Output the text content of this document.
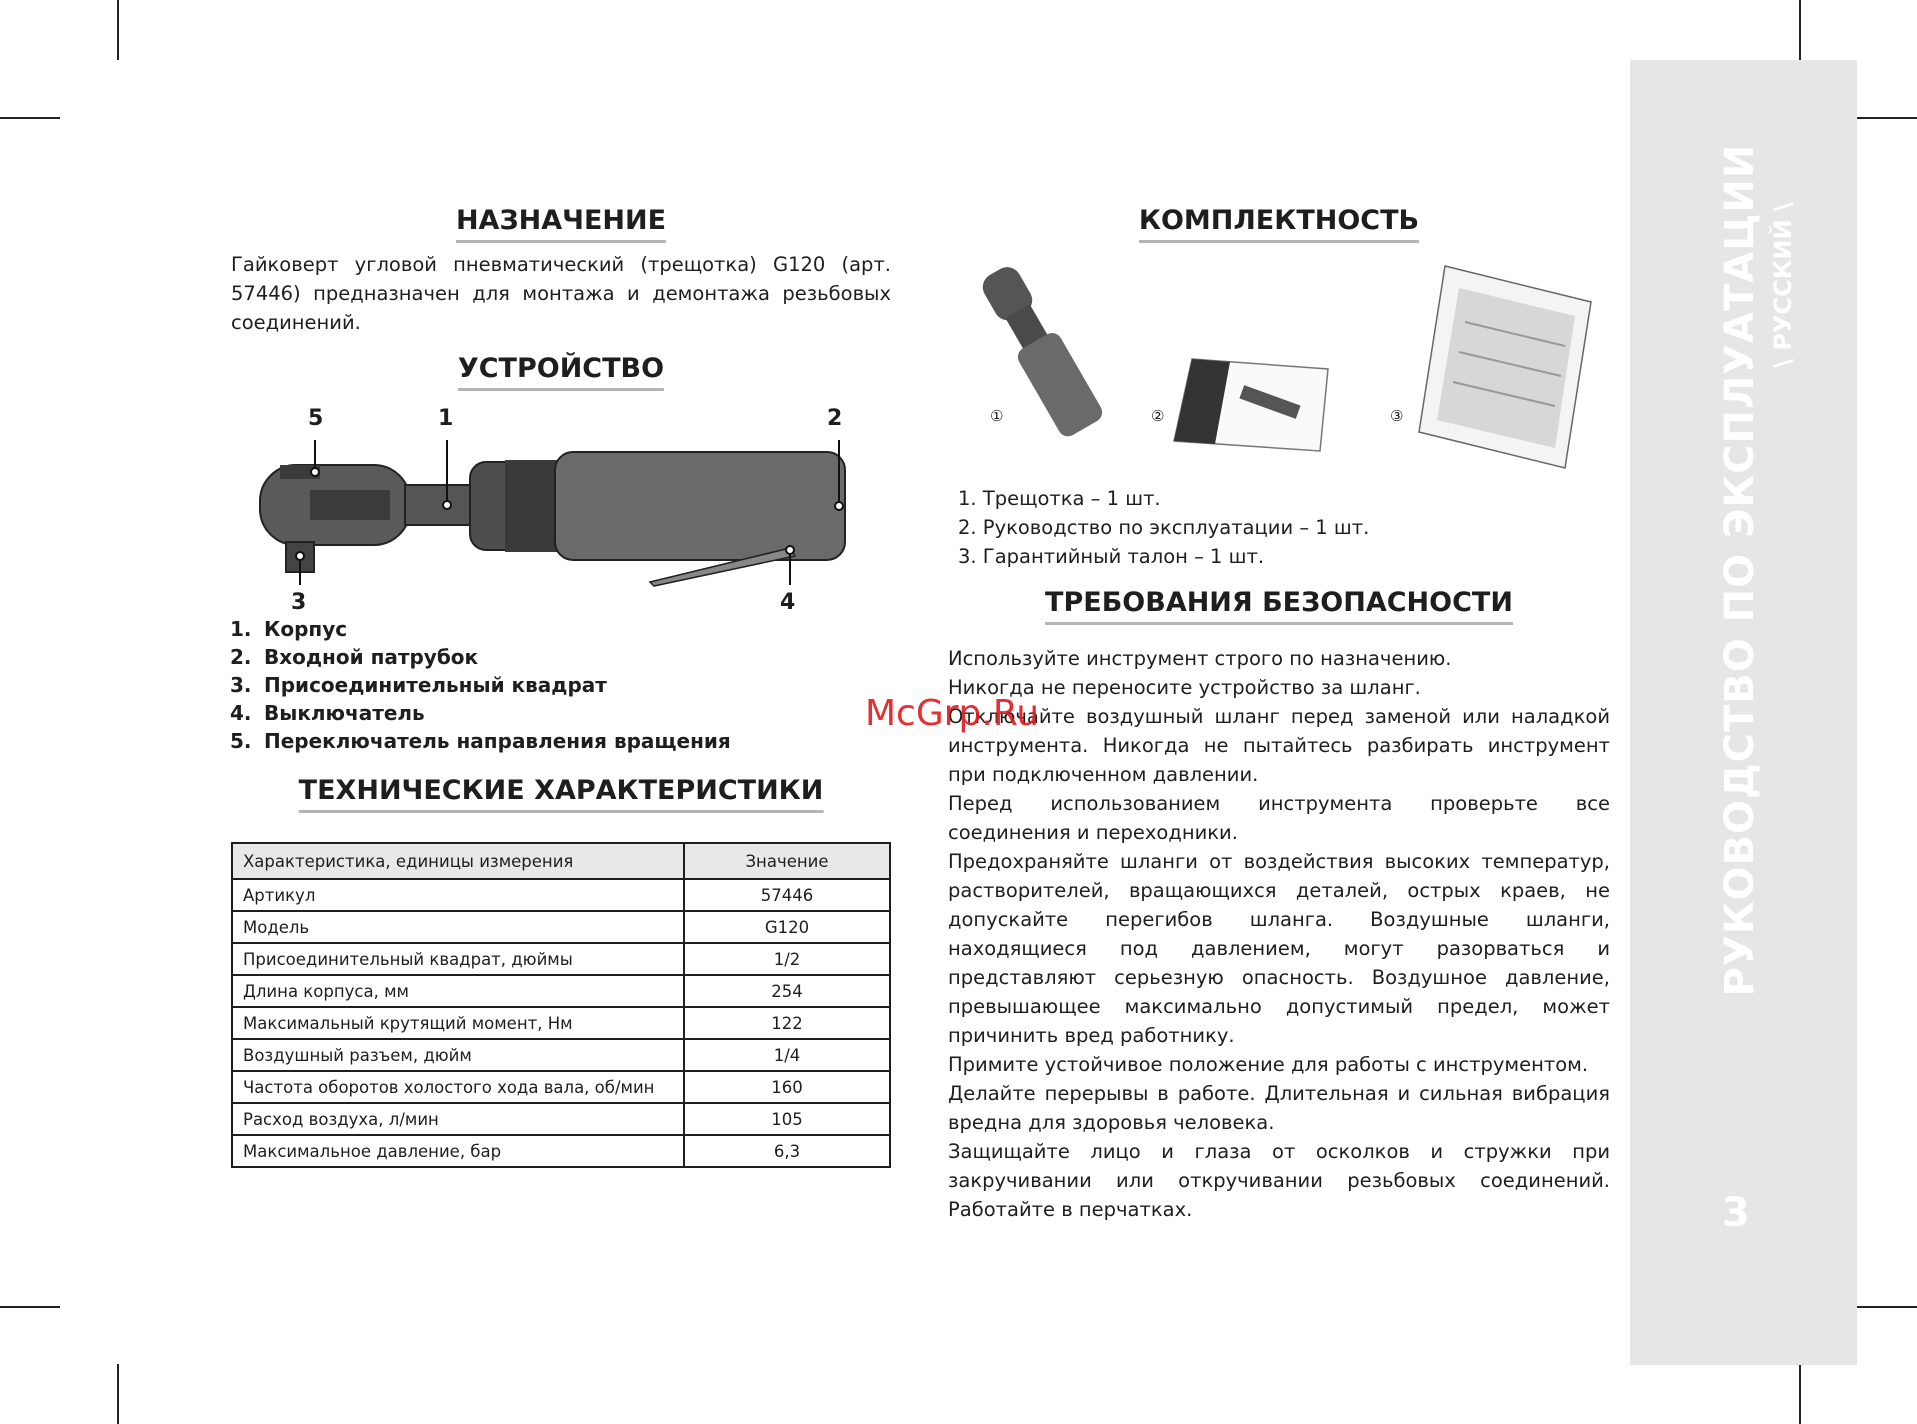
РУКОВОДСТВО ПО ЭКСПЛУАТАЦИИ \ РУССКИЙ \
3
НАЗНАЧЕНИЕ
Гайковерт угловой пневматический (трещотка) G120 (арт. 57446) предназначен для монтажа и демонтажа резьбовых соединений.
УСТРОЙСТВО
5	1	2
3	4
1. Корпус
2. Входной патрубок
3. Присоединительный квадрат
4. Выключатель
5. Переключатель направления вращения
ТЕХНИЧЕСКИЕ ХАРАКТЕРИСТИКИ
Характеристика, единицы измерения	Значение
Артикул	57446
Модель	G120
Присоединительный квадрат, дюймы	1/2
Длина корпуса, мм	254
Максимальный крутящий момент, Нм	122
Воздушный разъем, дюйм	1/4
Частота оборотов холостого хода вала, об/мин	160
Расход воздуха, л/мин	105
Максимальное давление, бар	6,3
КОМПЛЕКТНОСТЬ
①	②	③
1. Трещотка – 1 шт.
2. Руководство по эксплуатации – 1 шт.
3. Гарантийный талон – 1 шт.
ТРЕБОВАНИЯ БЕЗОПАСНОСТИ

Используйте инструмент строго по назначению.

Никогда не переносите устройство за шланг.

Отключайте воздушный шланг перед заменой или наладкой инструмента. Никогда не пытайтесь разбирать инструмент при подключенном давлении.

Перед использованием инструмента проверьте все соединения и переходники.

Предохраняйте шланги от воздействия высоких температур, растворителей, вращающихся деталей, острых краев, не допускайте перегибов шланга. Воздушные шланги, находящиеся под давлением, могут разорваться и представляют серьезную опасность. Воздушное давление, превышающее максимально допустимый предел, может причинить вред работнику.

Примите устойчивое положение для работы с инструментом.

Делайте перерывы в работе. Длительная и сильная вибрация вредна для здоровья человека.

Защищайте лицо и глаза от осколков и стружки при закручивании или откручивании резьбовых соединений. Работайте в перчатках.

McGrp.Ru
